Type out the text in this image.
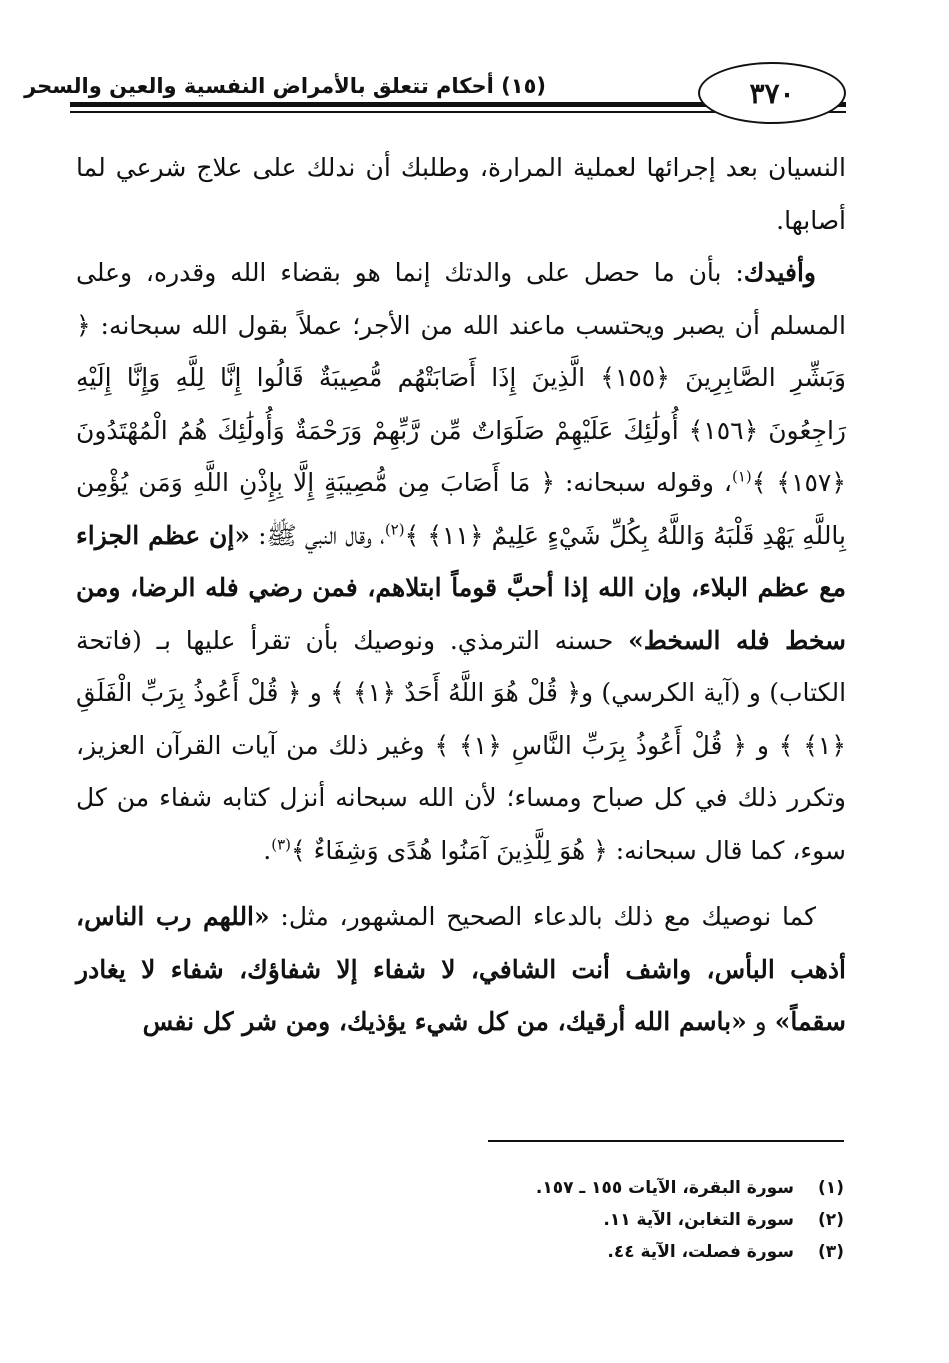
٣٧٠
(١٥) أحكام تتعلق بالأمراض النفسية والعين والسحر

النسيان بعد إجرائها لعملية المرارة، وطلبك أن ندلك على علاج شرعي لما أصابها.

وأفيدك: بأن ما حصل على والدتك إنما هو بقضاء الله وقدره، وعلى المسلم أن يصبر ويحتسب ماعند الله من الأجر؛ عملاً بقول الله سبحانه: ﴿ وَبَشِّرِ الصَّابِرِينَ ﴿١٥٥﴾ الَّذِينَ إِذَا أَصَابَتْهُم مُّصِيبَةٌ قَالُوا إِنَّا لِلَّهِ وَإِنَّا إِلَيْهِ رَاجِعُونَ ﴿١٥٦﴾ أُولَٰئِكَ عَلَيْهِمْ صَلَوَاتٌ مِّن رَّبِّهِمْ وَرَحْمَةٌ وَأُولَٰئِكَ هُمُ الْمُهْتَدُونَ ﴿١٥٧﴾ ﴾$^{(١)}$، وقوله سبحانه: ﴿ مَا أَصَابَ مِن مُّصِيبَةٍ إِلَّا بِإِذْنِ اللَّهِ وَمَن يُؤْمِن بِاللَّهِ يَهْدِ قَلْبَهُ وَاللَّهُ بِكُلِّ شَيْءٍ عَلِيمٌ ﴿١١﴾ ﴾$^{(٢)}$، وقال النبي ﷺ: «إن عظم الجزاء مع عظم البلاء، وإن الله إذا أحبَّ قوماً ابتلاهم، فمن رضي فله الرضا، ومن سخط فله السخط» حسنه الترمذي. ونوصيك بأن تقرأ عليها بـ (فاتحة الكتاب) و (آية الكرسي) و﴿ قُلْ هُوَ اللَّهُ أَحَدٌ ﴿١﴾ ﴾ و ﴿ قُلْ أَعُوذُ بِرَبِّ الْفَلَقِ ﴿١﴾ ﴾ و ﴿ قُلْ أَعُوذُ بِرَبِّ النَّاسِ ﴿١﴾ ﴾ وغير ذلك من آيات القرآن العزيز، وتكرر ذلك في كل صباح ومساء؛ لأن الله سبحانه أنزل كتابه شفاء من كل سوء، كما قال سبحانه: ﴿ هُوَ لِلَّذِينَ آمَنُوا هُدًى وَشِفَاءٌ ﴾$^{(٣)}$.

كما نوصيك مع ذلك بالدعاء الصحيح المشهور، مثل: «اللهم رب الناس، أذهب البأس، واشف أنت الشافي، لا شفاء إلا شفاؤك، شفاء لا يغادر سقماً» و «باسم الله أرقيك، من كل شيء يؤذيك، ومن شر كل نفس

(١)
سورة البقرة، الآيات ١٥٥ ـ ١٥٧.
(٢)
سورة التغابن، الآية ١١.
(٣)
سورة فصلت، الآية ٤٤.
